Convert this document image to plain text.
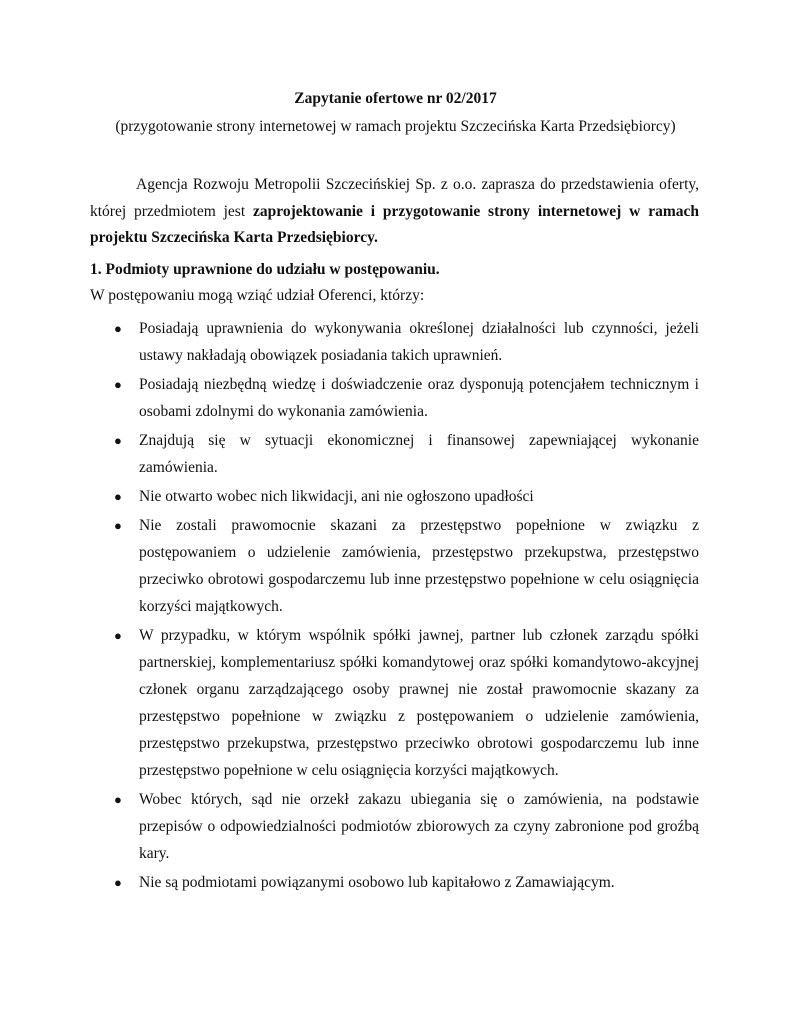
Zapytanie ofertowe nr 02/2017
(przygotowanie strony internetowej w ramach projektu Szczecińska Karta Przedsiębiorcy)

Agencja Rozwoju Metropolii Szczecińskiej Sp. z o.o. zaprasza do przedstawienia oferty, której przedmiotem jest zaprojektowanie i przygotowanie strony internetowej w ramach projektu Szczecińska Karta Przedsiębiorcy.

1. Podmioty uprawnione do udziału w postępowaniu.

W postępowaniu mogą wziąć udział Oferenci, którzy:

● Posiadają uprawnienia do wykonywania określonej działalności lub czynności, jeżeli ustawy nakładają obowiązek posiadania takich uprawnień.
● Posiadają niezbędną wiedzę i doświadczenie oraz dysponują potencjałem technicznym i osobami zdolnymi do wykonania zamówienia.
● Znajdują się w sytuacji ekonomicznej i finansowej zapewniającej wykonanie zamówienia.
● Nie otwarto wobec nich likwidacji, ani nie ogłoszono upadłości
● Nie zostali prawomocnie skazani za przestępstwo popełnione w związku z postępowaniem o udzielenie zamówienia, przestępstwo przekupstwa, przestępstwo przeciwko obrotowi gospodarczemu lub inne przestępstwo popełnione w celu osiągnięcia korzyści majątkowych.
● W przypadku, w którym wspólnik spółki jawnej, partner lub członek zarządu spółki partnerskiej, komplementariusz spółki komandytowej oraz spółki komandytowo-akcyjnej członek organu zarządzającego osoby prawnej nie został prawomocnie skazany za przestępstwo popełnione w związku z postępowaniem o udzielenie zamówienia, przestępstwo przekupstwa, przestępstwo przeciwko obrotowi gospodarczemu lub inne przestępstwo popełnione w celu osiągnięcia korzyści majątkowych.
● Wobec których, sąd nie orzekł zakazu ubiegania się o zamówienia, na podstawie przepisów o odpowiedzialności podmiotów zbiorowych za czyny zabronione pod groźbą kary.
● Nie są podmiotami powiązanymi osobowo lub kapitałowo z Zamawiającym.
